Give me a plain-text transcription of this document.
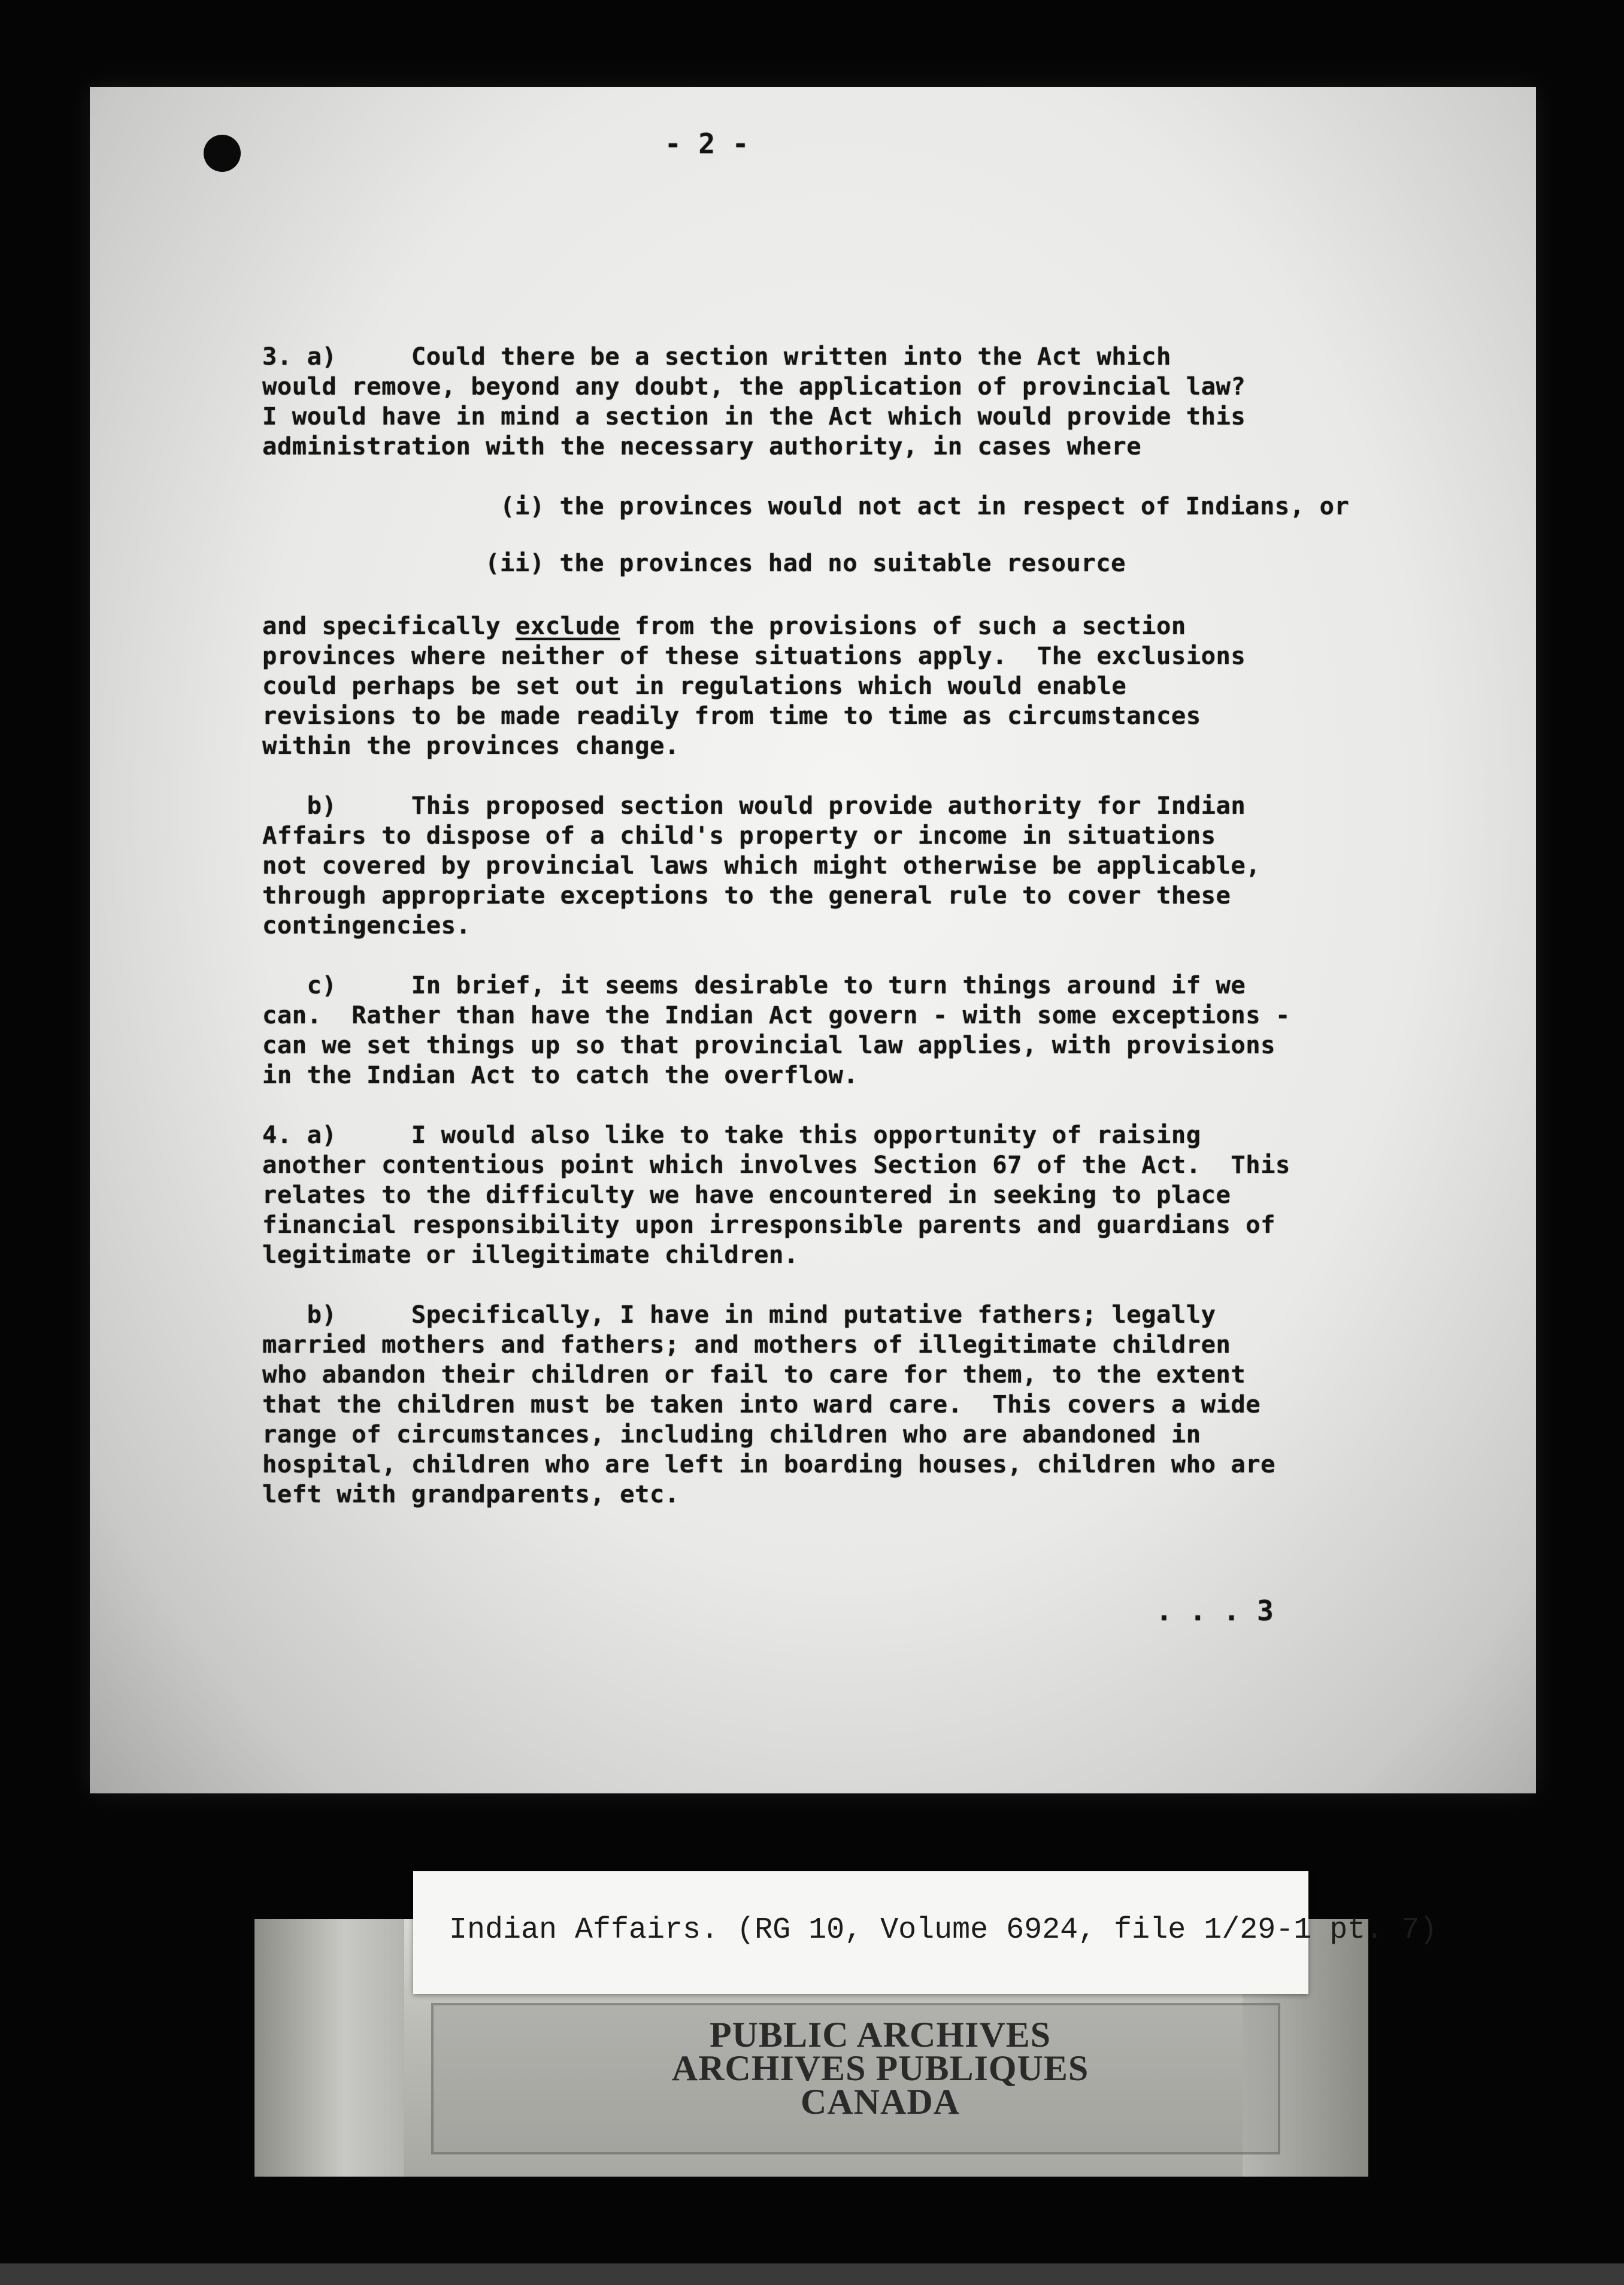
- 2 -
3. a)     Could there be a section written into the Act which
would remove, beyond any doubt, the application of provincial law?
I would have in mind a section in the Act which would provide this
administration with the necessary authority, in cases where
(i) the provinces would not act in respect of Indians, or
(ii) the provinces had no suitable resource
and specifically exclude from the provisions of such a section
provinces where neither of these situations apply.  The exclusions
could perhaps be set out in regulations which would enable
revisions to be made readily from time to time as circumstances
within the provinces change.
b)     This proposed section would provide authority for Indian
Affairs to dispose of a child's property or income in situations
not covered by provincial laws which might otherwise be applicable,
through appropriate exceptions to the general rule to cover these
contingencies.
c)     In brief, it seems desirable to turn things around if we
can.  Rather than have the Indian Act govern - with some exceptions -
can we set things up so that provincial law applies, with provisions
in the Indian Act to catch the overflow.
4. a)     I would also like to take this opportunity of raising
another contentious point which involves Section 67 of the Act.  This
relates to the difficulty we have encountered in seeking to place
financial responsibility upon irresponsible parents and guardians of
legitimate or illegitimate children.
b)     Specifically, I have in mind putative fathers; legally
married mothers and fathers; and mothers of illegitimate children
who abandon their children or fail to care for them, to the extent
that the children must be taken into ward care.  This covers a wide
range of circumstances, including children who are abandoned in
hospital, children who are left in boarding houses, children who are
left with grandparents, etc.
. . . 3
Indian Affairs. (RG 10, Volume 6924, file 1/29-1 pt. 7)
PUBLIC ARCHIVES
ARCHIVES PUBLIQUES
CANADA
